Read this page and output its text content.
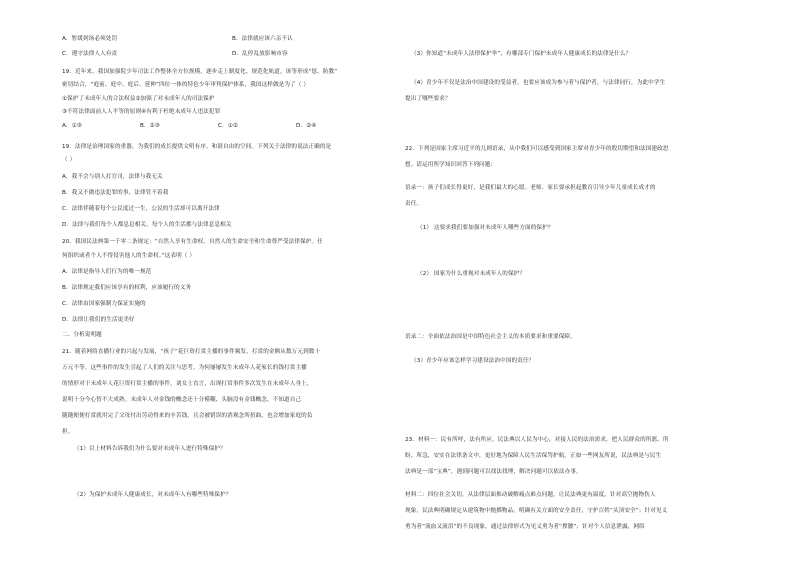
A．暂缓到场必须处罚	B．法律就应该六亲不认
C．遵守法律人人有责	D．乱停乱放影响市容
19．近年来，我国加强院少年司法工作整体全方位规模，逐步走上制度化、规范化轨道，该等形成“惩、防教”
密切结合，“庭前、庭中、庭后、延伸”四位一体的特色少年审判保护体系，我国这样做是为了（ ）
①保护了未成年人的合法权益②加强了对未成年人的司法保护
③不符法律面前人人平等的原则④有利于杜绝未成年人违法犯罪
A．①③	B．②③	C．①②	D．②④
19．法律是治理国家的重器，为我们的成长提供文明有序、和谐自由的空间。下列关于法律的说法正确的是
（ ）
A．我不会与别人打官司，法律与我无关
B．我又不做违法犯罪的事，法律管不着我
C．法律伴随着每个公民度过一生，公民的生活却可以离开法律
D．法律与我们每个人都息息相关，每个人的生活都与法律息息相关
20．我国民法典第一千零二条规定：“自然人享有生命权。自然人的生命安全和生命尊严受法律保护。任
何组织或者个人不得侵害他人的生命权。”这表明（ ）
A．法律是指导人们行为的唯一规范
B．法律规定我们应该享有的权利，应该履行的义务
C．法律由国家强制力保证实施的
D．法律让我们的生活更美好
二、分析说明题
21．随着网络直播行业的兴起与发展，“孩子”花巨资打赏主播的事件频发，打赏的金额从数万元到数十
万元不等。这些事件的发生引起了人们的关注与思考。为何屡屡发生未成年人花家长的钱打赏主播
的情形对于未成年人花巨资打赏主播的事件，刘女士直言，出现打赏事件多次发生在未成年人身上，
说明十分今心智不大成熟。未成年人对金钱的概念还十分模糊，头脑没有金钱概念，不知道自己
随随便便打赏就用完了父母付出劳动得来的辛苦钱，且会被错误的消观念所扭曲，也会增加家庭的负
担。
（1）以上材料告诉我们为什么要对未成年人进行特殊保护？
（2）为保护未成年人健康成长，对未成年人有哪些特殊保护？
（3）你知道“未成年人法律保护伞”，有哪部专门保护未成年人健康成长的法律是什么？
（4）青少年不仅是法治中国建设的受益者，也要应该成为参与者与保护者，与法律同行，为此中学生
提出了哪些要求？
22．下列是国家主席习近平的几则语录，从中我们可以感受到国家主席对青少年的殷切期望和法国建政思
想。请运用所学知识回答下列问题：
语录一：孩子们成长得更好，是我们最大的心愿。老师、家长要承担起教育引导少年儿童成长成才的
责任。
（1） 这要求我们要加强对未成年人哪些方面的保护？
（2） 国家为什么重视对未成年人的保护？
语录二：全面依法治国是中国特色社会主义的本质要求和重要保障。
（3）青少年应该怎样学习建设法治中国的责任？
23．材料一：民有所呼，法有所应。民法典以人民为中心，对接人民的法治需求，把人民群众的所愿、所
盼、所急，安实在法律条文中，更好地为保障人民生活保驾护航。正如一些网友所说，民法典是与民生
法典是一部“宝典”，遇到问题可以找法找理，解决问题可以依法办事。
材料二：四位社会关切，从法律层面推动破解痛点难点问题，让民法典更有温度。针对高空抛物伤人
现象，民法典明确规定从建筑物中抛掷物品，明确有关方面的安全责任，守护百姓“头顶安全”；针对见义
勇为者“流血又流泪”的不良现象，通过法律形式为见义勇为者“撑腰”；针对个人信息泄露，网络
